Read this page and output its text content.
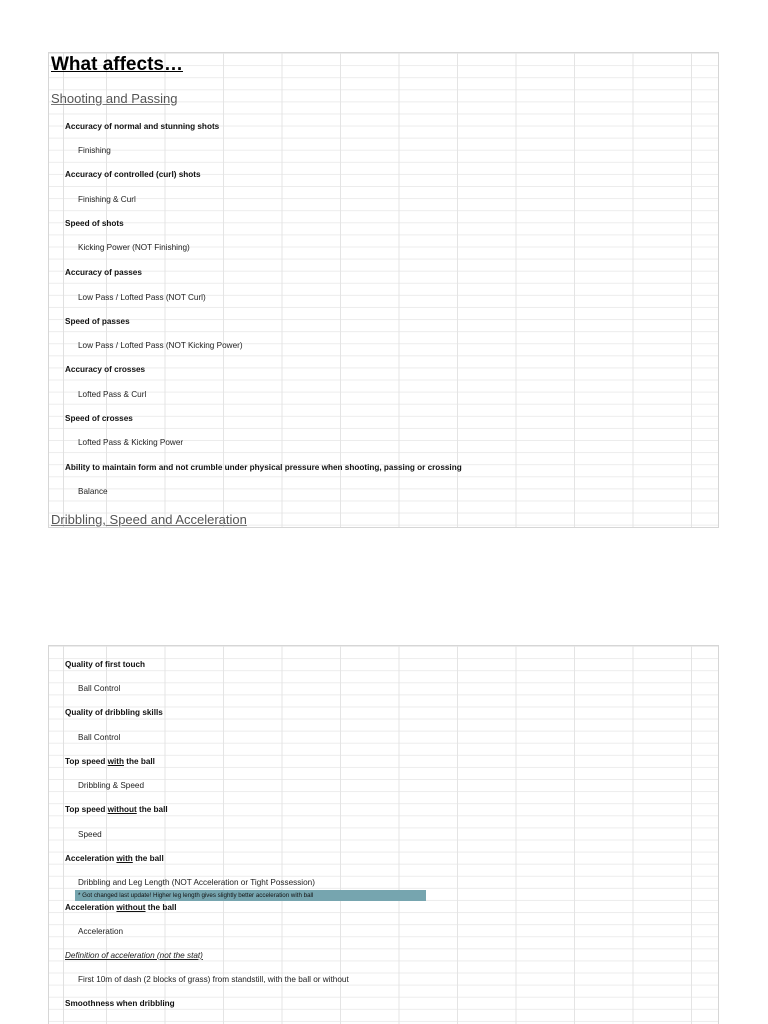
What affects…
Shooting and Passing
Accuracy of normal and stunning shots
Finishing
Accuracy of controlled (curl) shots
Finishing & Curl
Speed of shots
Kicking Power (NOT Finishing)
Accuracy of passes
Low Pass / Lofted Pass (NOT Curl)
Speed of passes
Low Pass / Lofted Pass (NOT Kicking Power)
Accuracy of crosses
Lofted Pass & Curl
Speed of crosses
Lofted Pass & Kicking Power
Ability to maintain form and not crumble under physical pressure when shooting, passing or crossing
Balance
Dribbling, Speed and Acceleration
Quality of first touch
Ball Control
Quality of dribbling skills
Ball Control
Top speed with the ball
Dribbling & Speed
Top speed without the ball
Speed
Acceleration with the ball
Dribbling and Leg Length (NOT Acceleration or Tight Possession)
* Got changed last update! Higher leg length gives slightly better acceleration with ball
Acceleration without the ball
Acceleration
Definition of acceleration (not the stat)
First 10m of dash (2 blocks of grass) from standstill, with the ball or without
Smoothness when dribbling
